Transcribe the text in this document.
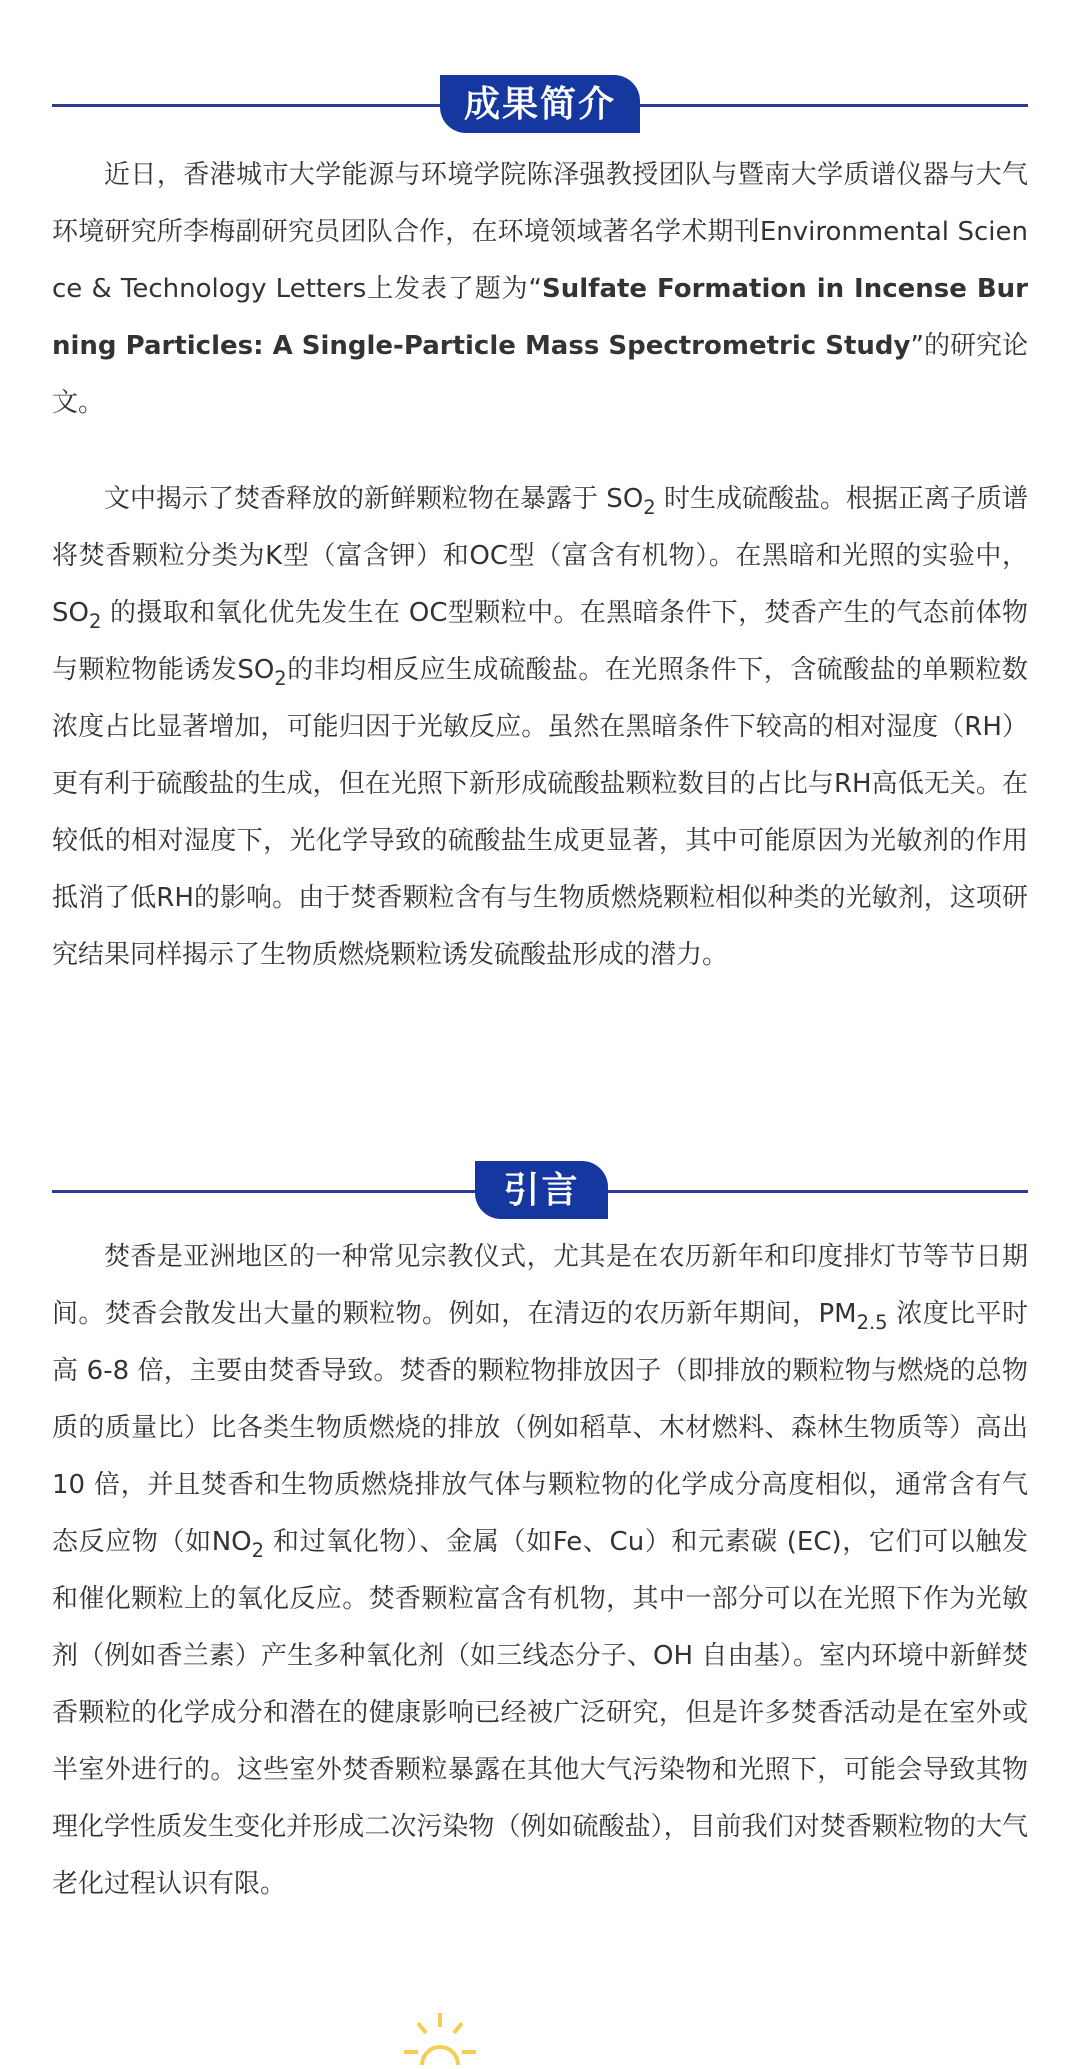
成果简介

近日，香港城市大学能源与环境学院陈泽强教授团队与暨南大学质谱仪器与大气环境研究所李梅副研究员团队合作，在环境领域著名学术期刊Environmental Science & Technology Letters上发表了题为“Sulfate Formation in Incense Burning Particles: A Single-Particle Mass Spectrometric Study”的研究论文。

文中揭示了焚香释放的新鲜颗粒物在暴露于 $SO_2$ 时生成硫酸盐。根据正离子质谱将焚香颗粒分类为K型（富含钾）和OC型（富含有机物）。在黑暗和光照的实验中， $SO_2$ 的摄取和氧化优先发生在 OC型颗粒中。在黑暗条件下，焚香产生的气态前体物与颗粒物能诱发$SO_2$的非均相反应生成硫酸盐。在光照条件下，含硫酸盐的单颗粒数浓度占比显著增加，可能归因于光敏反应。虽然在黑暗条件下较高的相对湿度（RH）更有利于硫酸盐的生成，但在光照下新形成硫酸盐颗粒数目的占比与RH高低无关。在较低的相对湿度下，光化学导致的硫酸盐生成更显著，其中可能原因为光敏剂的作用抵消了低RH的影响。由于焚香颗粒含有与生物质燃烧颗粒相似种类的光敏剂，这项研究结果同样揭示了生物质燃烧颗粒诱发硫酸盐形成的潜力。

引言

焚香是亚洲地区的一种常见宗教仪式，尤其是在农历新年和印度排灯节等节日期间。焚香会散发出大量的颗粒物。例如，在清迈的农历新年期间，$PM_{2.5}$ 浓度比平时高 6-8 倍，主要由焚香导致。焚香的颗粒物排放因子（即排放的颗粒物与燃烧的总物质的质量比）比各类生物质燃烧的排放（例如稻草、木材燃料、森林生物质等）高出 10 倍，并且焚香和生物质燃烧排放气体与颗粒物的化学成分高度相似，通常含有气态反应物（如$NO_2$ 和过氧化物）、金属（如Fe、Cu）和元素碳 (EC)，它们可以触发和催化颗粒上的氧化反应。焚香颗粒富含有机物，其中一部分可以在光照下作为光敏剂（例如香兰素）产生多种氧化剂（如三线态分子、OH 自由基）。室内环境中新鲜焚香颗粒的化学成分和潜在的健康影响已经被广泛研究，但是许多焚香活动是在室外或半室外进行的。这些室外焚香颗粒暴露在其他大气污染物和光照下，可能会导致其物理化学性质发生变化并形成二次污染物（例如硫酸盐），目前我们对焚香颗粒物的大气老化过程认识有限。
